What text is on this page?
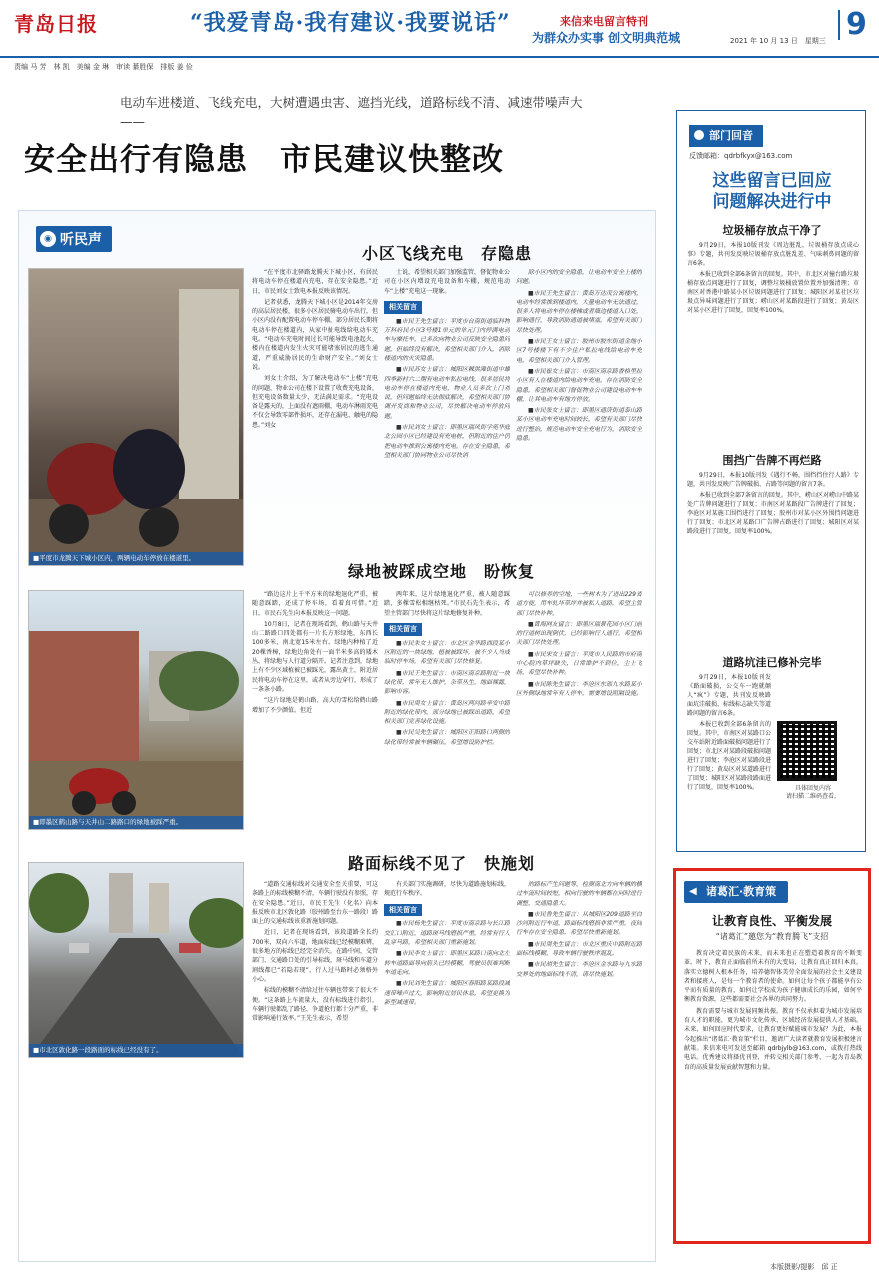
青岛日报	“我爱青岛·我有建议·我要说话”	来信来电留言特刊
为群众办实事 创文明典范城	2021 年 10 月 13 日　星期三 9
责编 马 芳　林 凯　美编 金 琳　审读 綦胜保　排版 姜 俭
电动车进楼道、飞线充电，大树遭遇虫害、遮挡光线，道路标线不清、减速带噪声大——
安全出行有隐患　市民建议快整改
◉ 听民声
小区飞线充电　存隐患
■平度市龙腾天下城小区内，两辆电动车停放在楼道里。

“在平度市北驿路龙腾天下城小区，有居民将电动车停在楼道内充电，存在安全隐患。”近日，市民刘女士致电本报反映该情况。

记者获悉，龙腾天下城小区是2014年交房的高层居民楼，很多小区居民骑电动车出行，但小区内没有配置电动车停车棚，部分居民长期将电动车停在楼道内，从家中扯电线给电动车充电。“电动车充电时间过长可能导致电池起火，楼内在楼道内发生火灾可能堵塞居民的逃生通道，严重威胁居民的生命财产安全。”刘女士说。

刘女士介绍，为了解决电动车“上楼”充电的问题，物业公司在楼下设置了收费充电设备，但充电设备数量太少，无法满足需求。“充电设备是露天的，上面没有遮雨棚，电动车淋雨充电不仅会导致零部件损坏，还存在漏电、触电的隐患。”刘女

士说，希望相关部门加强监管，督促物业公司在小区内增设充电设备和车棚，规范电动车“上楼”充电这一现象。

相关留言

■市民王先生留言：平度市台南街道临科物万科府民小区3号楼1单元的单元门内停满电动车与摩托车，已多次向物业公司反映安全隐患问题，但始终没有解决，希望相关部门介入，消除楼道内的火灾隐患。

■市民苏女士留言：城阳区棘洪滩街道中雄四季新村六二期有电动车私拉电线，很多居民将电动车停在楼道内充电，物业人员多次上门劝说，但问题始终无法彻底解决，希望相关部门协调开发商和物业公司，尽快解决电动车停放问题。

■市民刘女士留言：即墨区瑞风街学苑华庭北公园小区已经建设有充电桩，但附近的住户仍把电动车推到公寓楼内充电，存在安全隐患，希望相关部门协同物业公司尽快消

除小区内的安全隐患，让电动车安全上楼的问题。

■市民王先生留言：黄岛万达茂公寓楼内，电动车经常推到楼道内，大量电动车无法通过，很多人将电动车停在楼梯或者墙边楼道入口处，影响通行，导致消防通道被堵塞，希望有关部门尽快处理。

■市民王女士留言：胶州市胶东街道金地小区7号楼楼下有不少住户私拉电线给电动车充电，希望相关部门介入管理。

■市民崔女士留言：市南区南京路香格里拉小区有人在楼道内给电动车充电，存在消防安全隐患，希望相关部门督促物业公司建设电动车车棚，让其电动车有地方停放。

■市民张女士留言：即墨区通济街道泰山路某小区电动车充电时间较长，希望有关部门尽快进行整治，规范电动车安全充电行为，消除安全隐患。

绿地被踩成空地　盼恢复
■即墨区鹤山路与天井山二路路口的绿地被踩严重。

“路边这片上千平方米的绿地退化严重，被随意踩踏，还成了停车场，看着真可惜。”近日，市民石先生向本报反映这一问题。

10月8日，记者在现场看到，鹤山路与天井山二路路口四处都有一片长方形绿地，东西长100多米，南北宽15米左右。绿地内种植了近20棵香樟，绿地边角处有一面半米多高的矮木丛，将绿地与人行道分隔开。记者注意到，绿地上有不少区域植被已被踩光，露出黄土，附近居民将电动车停在这里，或者从旁边穿行，形成了一条条小路。

“这片绿地是鹤山路、高大的雪松给鹤山路增加了不少颜值。但近

两年来，这片绿地退化严重，被人随意踩踏，多棵雪松相继枯死。”市民石先生表示，希望主管部门尽快将这片绿地修复补种。

相关留言

■市民朱女士留言：市北区金华路西段某小区附近的一块绿地，植被被踩坏，被不少人当成临时停车场，希望有关部门尽快修复。

■市民王先生留言：市南区南京路附近一块绿化带，常年无人维护，杂草丛生，地面裸露，影响市容。

■市民周女士留言：黄岛区两河路辛安中路附近的绿化带内，部分绿地已被踩出道路，希望相关部门完善绿化设施。

■市民吴先生留言：城阳区正阳路口两侧的绿化带经常被车辆碾压，希望增设防护栏。

可以修养的空地，一些树木为了进出229省道方便，用车轧坏草坪并被私人道路，希望主管部门尽快补种。

■黄海网友留言：即墨区瑞景花园小区门前的行道树出现倒伏，已经影响行人通行，希望相关部门尽快处理。

■市民宋女士留言：平度市人民路的市府南中心院内草坪缺失，日常维护不到位，尘土飞扬，希望尽快补种。

■市民陈先生留言：李沧区东部九水路某小区外侧绿地常年有人停车，需要增设阻隔设施。

路面标线不见了　快施划
■市北区敦化路一段路面的标线已经没有了。

“道路交通标线对交通安全至关重要，可这条路上的标线模糊不清，车辆行驶没有参照，存在安全隐患。”近日，市民王先生（化名）向本报反映市北区敦化路（胶州路至台东一路段）路面上的交通标线该重新施划问题。

近日，记者在现场看到，该段道路全长约700米，双向六车道，地面标线已经模糊难辨，很多地方的标线已经完全消失。在路中间，交管部门、交通路口处的引导标线，斑马线和车道分割线都已“若隐若现”，行人过马路时必须格外小心。

标线的模糊不清给过往车辆也带来了很大不便。“这条路上车流量大，没有标线进行指引，车辆行驶都乱了路径，争道抢行都十分严重，非常影响通行效率。”王先生表示，希望

有关部门实施调研，尽快为道路施划标线，规范行车秩序。

相关留言

■市民杨先生留言：平度市南京路与长江路交汇口附近，道路斑马线磨损严重，经常有行人乱穿马路，希望相关部门重新施划。

■市民李女士留言：即墨区某路口南向北左转车道路面导向箭头已经模糊，驾驶员很难判断车道走向。

■市民刘先生留言：城阳区春阳路某路段减速带噪声过大，影响附近居民休息，希望更换为新型减速带。

的路标产生问题等，检测南北方向车辆的横过车流时间较短，相向行驶的车辆都在同时进行调整，交通隐患大。

■市民鲁先生留言：从城阳区209道路至白沙河附近行车道，路面标线磨损非常严重，夜间行车存在安全隐患，希望尽快重新施划。

■市民周先生留言：市北区重庆中路附近路面标线模糊，导致车辆行驶秩序混乱。

■市民胡先生留言：李沧区金水路与九水路交界处的地面标线不清，请尽快施划。

部门回音
反馈邮箱：qdrbfkyx@163.com
这些留言已回应
问题解决进行中
垃圾桶存放点干净了

9月29日，本报10版刊发《周边脏乱，垃圾桶存放点成心事》专题，共刊发反映垃圾桶存放点脏乱差、气味刺鼻问题的留言6条。

本报已收到全部6条留言的回复。其中，市北区对撞台路垃圾桶存放点问题进行了回复，调整垃圾桶放置位置并加强清理；市南区对香港中路某小区垃圾问题进行了回复；城阳区对某社区垃圾点异味问题进行了回复；崂山区对某路段进行了回复；黄岛区对某小区进行了回复，回复率100%。

围挡广告牌不再烂路

9月29日，本报10版刊发《遇行不畅，围挡挡住行人路》专题，共刊发反映广告牌破损、占路等问题的留言7条。

本报已收到全部7条留言的回复。其中，崂山区对崂山中路某处广告牌问题进行了回复；市南区对某路段广告牌进行了回复；李沧区对某施工围挡进行了回复；胶州市对某小区外围挡问题进行了回复；市北区对某路口广告牌占路进行了回复；城阳区对某路段进行了回复，回复率100%。

道路坑洼已修补完毕

9月29日，本报10版刊发《路面破损，公交车一跑就颠人“疯”》专题，共刊发反映路面坑洼破损、标线标志缺失等道路问题的留言6条。

本报已收到全部6条留言的回复。其中，市南区对某路口公交车站附近路面破损问题进行了回复；市北区对某路段破损问题进行了回复；李沧区对某路段进行了回复；黄岛区对某道路进行了回复；城阳区对某路段路面进行了回复，回复率100%。	具体回复内容
请扫描二维码查看。
◀ 诸葛汇·教育策
让教育良性、平衡发展
“诸葛汇”邀您为“教育腾飞”支招

教育决定着民族的未来，而未来也正在塑造着教育的不断变革。时下，教育正面临前所未有的大变局，让教育真正回归本真，落实立德树人根本任务，培养德智体美劳全面发展的社会主义建设者和接班人，是每一个教育者的使命。如何让每个孩子都能享有公平而有质量的教育，如何让学校成为孩子健康成长的乐园，如何平衡教育资源，这些都需要社会各界的共同努力。

教育需要与城市发展同频共振。教育不仅承担着为城市发展培育人才的职能，更为城市文化传承、区域经济发展提供人才基础。未来，如何回应时代要求，让教育更好赋能城市发展？为此，本报今起推出“诸葛汇·教育策”栏目，邀请广大读者就教育发展积极建言献策。来信来电可发送至邮箱 qdrbjylb@163.com，或拨打热线电话。优秀建议将择优刊登，并转交相关部门参考，一起为青岛教育的高质量发展贡献智慧和力量。

本版摄影/提影　邱 正
